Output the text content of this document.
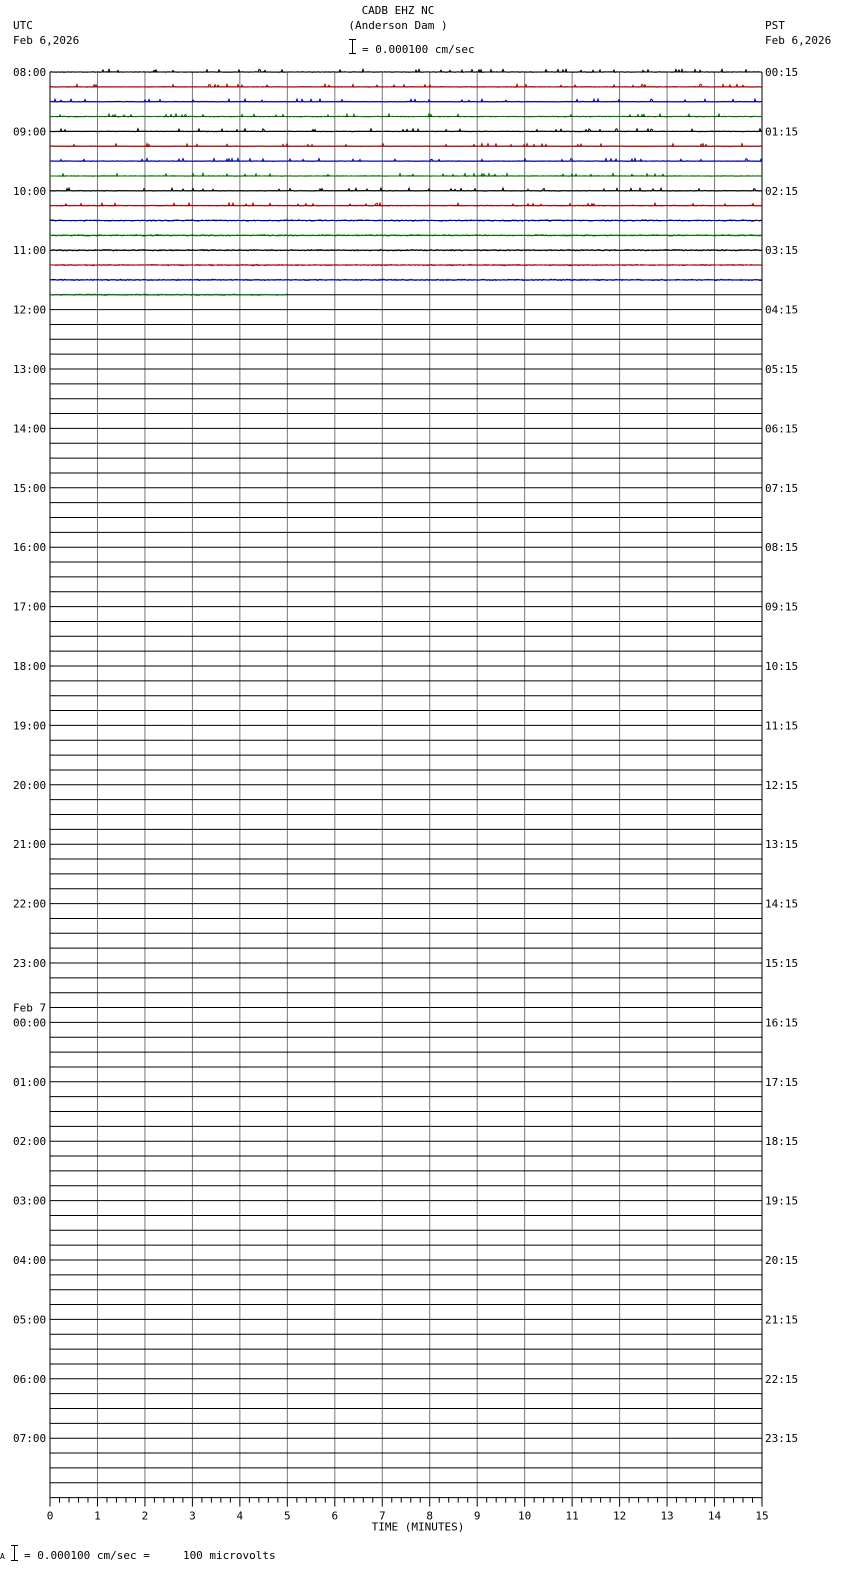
08:00
09:00
10:00
11:00
12:00
13:00
14:00
15:00
16:00
17:00
18:00
19:00
20:00
21:00
22:00
23:00
00:00
01:00
02:00
03:00
04:00
05:00
06:00
07:00
00:15
01:15
02:15
03:15
04:15
05:15
06:15
07:15
08:15
09:15
10:15
11:15
12:15
13:15
14:15
15:15
16:15
17:15
18:15
19:15
20:15
21:15
22:15
23:15
Feb 7
0	1	2	3	4	5	6	7	8	9	10	11	12	13	14	15
TIME (MINUTES)
CADB EHZ NC
(Anderson Dam )
= 0.000100 cm/sec
UTC
Feb 6,2026
PST
Feb 6,2026
A = 0.000100 cm/sec =     100 microvolts
